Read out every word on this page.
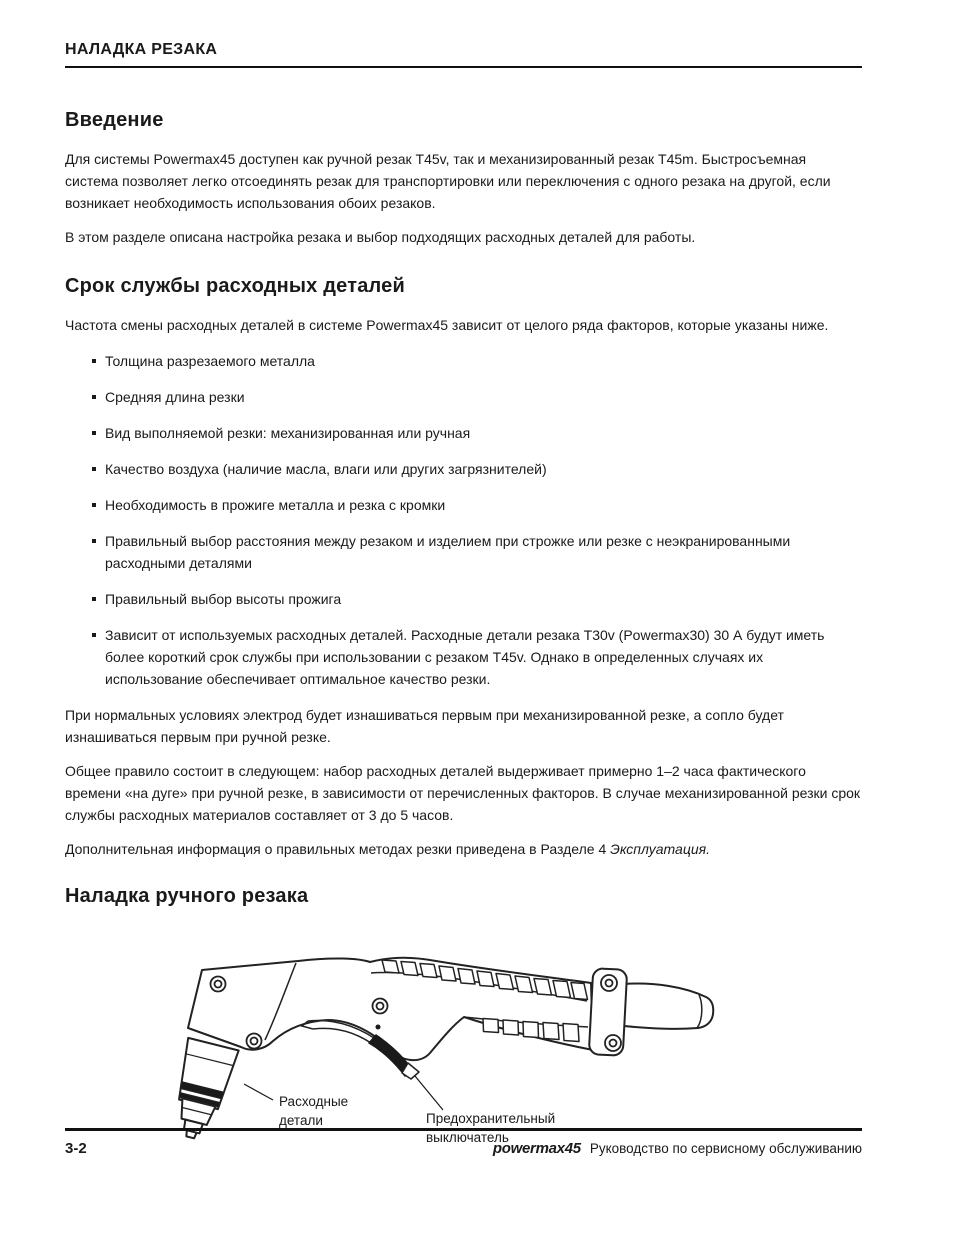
НАЛАДКА РЕЗАКА
Введение

Для системы Powermax45 доступен как ручной резак T45v, так и механизированный резак T45m. Быстросъемная система позволяет легко отсоединять резак для транспортировки или переключения с одного резака на другой, если возникает необходимость использования обоих резаков.

В этом разделе описана настройка резака и выбор подходящих расходных деталей для работы.

Срок службы расходных деталей

Частота смены расходных деталей в системе Powermax45 зависит от целого ряда факторов, которые указаны ниже.

Толщина разрезаемого металла
Средняя длина резки
Вид выполняемой резки: механизированная или ручная
Качество воздуха (наличие масла, влаги или других загрязнителей)
Необходимость в прожиге металла и резка с кромки
Правильный выбор расстояния между резаком и изделием при строжке или резке с неэкранированными расходными деталями
Правильный выбор высоты прожига
Зависит от используемых расходных деталей. Расходные детали резака T30v (Powermax30) 30 А будут иметь более короткий срок службы при использовании с резаком T45v. Однако в определенных случаях их использование обеспечивает оптимальное качество резки.

При нормальных условиях электрод будет изнашиваться первым при механизированной резке, а сопло будет изнашиваться первым при ручной резке.

Общее правило состоит в следующем: набор расходных деталей выдерживает примерно 1–2 часа фактического времени «на дуге» при ручной резке, в зависимости от перечисленных факторов. В случае механизированной резки срок службы расходных материалов составляет от 3 до 5 часов.

Дополнительная информация о правильных методах резки приведена в Разделе 4 Эксплуатация.

Наладка ручного резака
Расходные
детали	Предохранительный
выключатель
3-2	powermax45 Руководство по сервисному обслуживанию
